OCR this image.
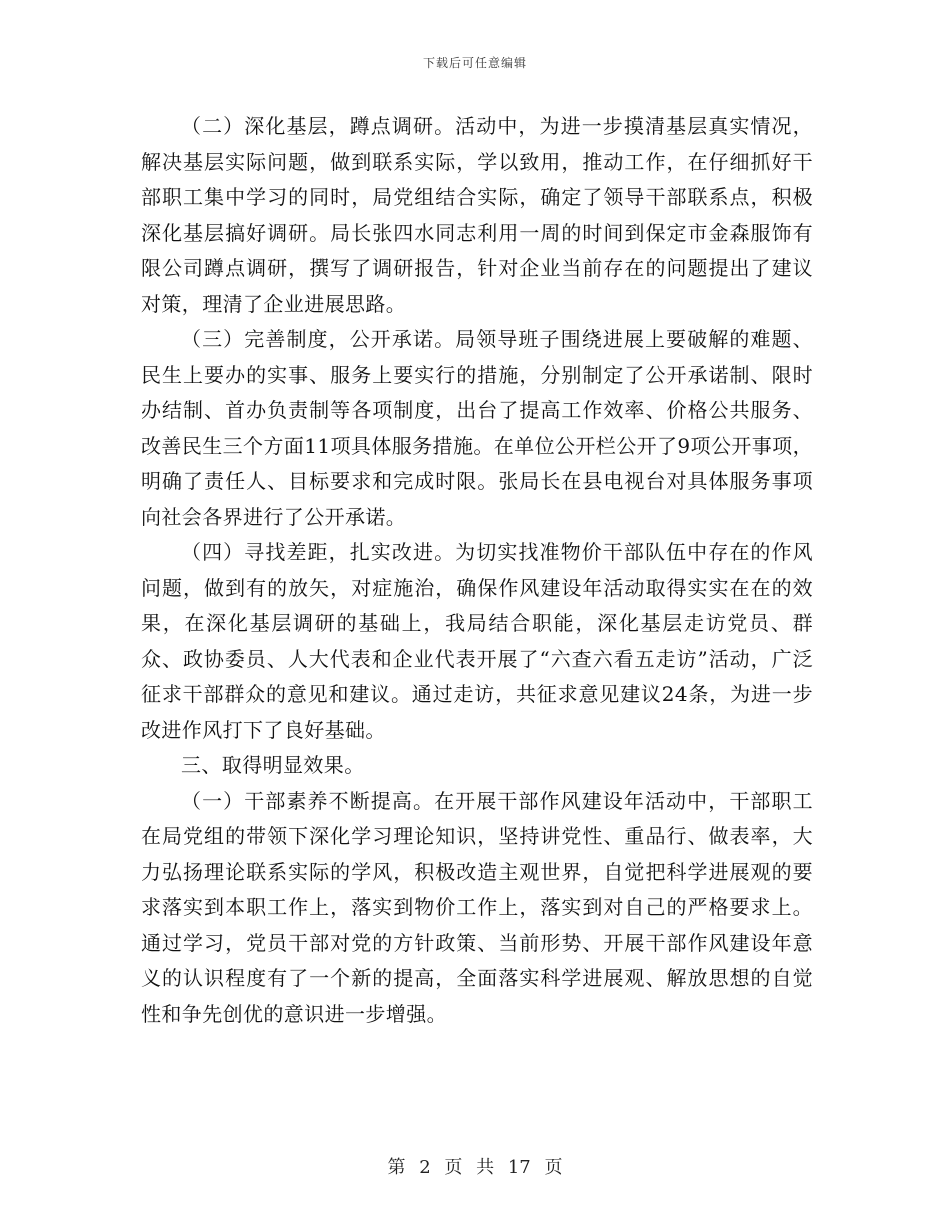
下载后可任意编辑

（二）深化基层，蹲点调研。活动中，为进一步摸清基层真实情况，解决基层实际问题，做到联系实际，学以致用，推动工作，在仔细抓好干部职工集中学习的同时，局党组结合实际，确定了领导干部联系点，积极深化基层搞好调研。局长张四水同志利用一周的时间到保定市金森服饰有限公司蹲点调研，撰写了调研报告，针对企业当前存在的问题提出了建议对策，理清了企业进展思路。

（三）完善制度，公开承诺。局领导班子围绕进展上要破解的难题、民生上要办的实事、服务上要实行的措施，分别制定了公开承诺制、限时办结制、首办负责制等各项制度，出台了提高工作效率、价格公共服务、改善民生三个方面11项具体服务措施。在单位公开栏公开了9项公开事项，明确了责任人、目标要求和完成时限。张局长在县电视台对具体服务事项向社会各界进行了公开承诺。

（四）寻找差距，扎实改进。为切实找准物价干部队伍中存在的作风问题，做到有的放矢，对症施治，确保作风建设年活动取得实实在在的效果，在深化基层调研的基础上，我局结合职能，深化基层走访党员、群众、政协委员、人大代表和企业代表开展了“六查六看五走访”活动，广泛征求干部群众的意见和建议。通过走访，共征求意见建议24条，为进一步改进作风打下了良好基础。

三、取得明显效果。

（一）干部素养不断提高。在开展干部作风建设年活动中，干部职工在局党组的带领下深化学习理论知识，坚持讲党性、重品行、做表率，大力弘扬理论联系实际的学风，积极改造主观世界，自觉把科学进展观的要求落实到本职工作上，落实到物价工作上，落实到对自己的严格要求上。通过学习，党员干部对党的方针政策、当前形势、开展干部作风建设年意义的认识程度有了一个新的提高，全面落实科学进展观、解放思想的自觉性和争先创优的意识进一步增强。

第 2 页 共 17 页
